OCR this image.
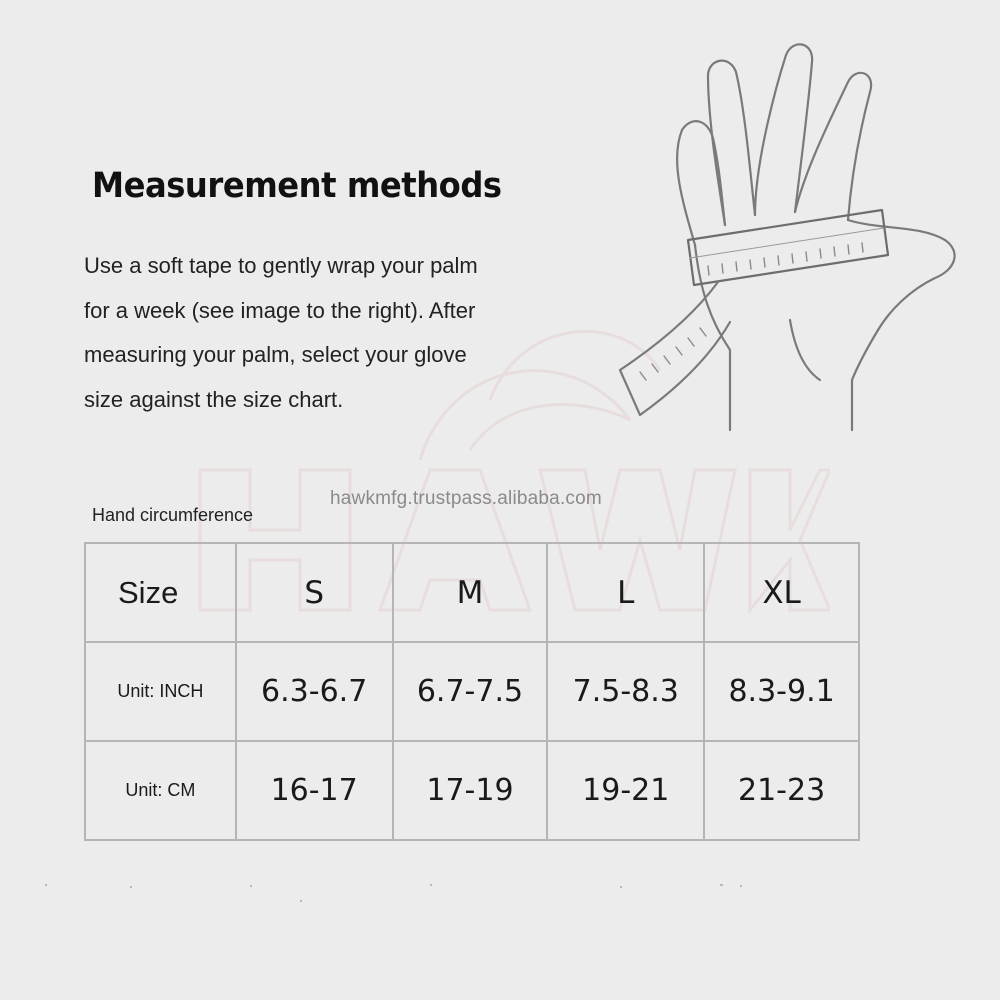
Measurement methods
Use a soft tape to gently wrap your palm
for a week (see image to the right). After
measuring your palm, select your glove
size against the size chart.
hawkmfg.trustpass.alibaba.com
Hand circumference
Size	S	M	L	XL
Unit: INCH	6.3-6.7	6.7-7.5	7.5-8.3	8.3-9.1
Unit: CM	16-17	17-19	19-21	21-23
